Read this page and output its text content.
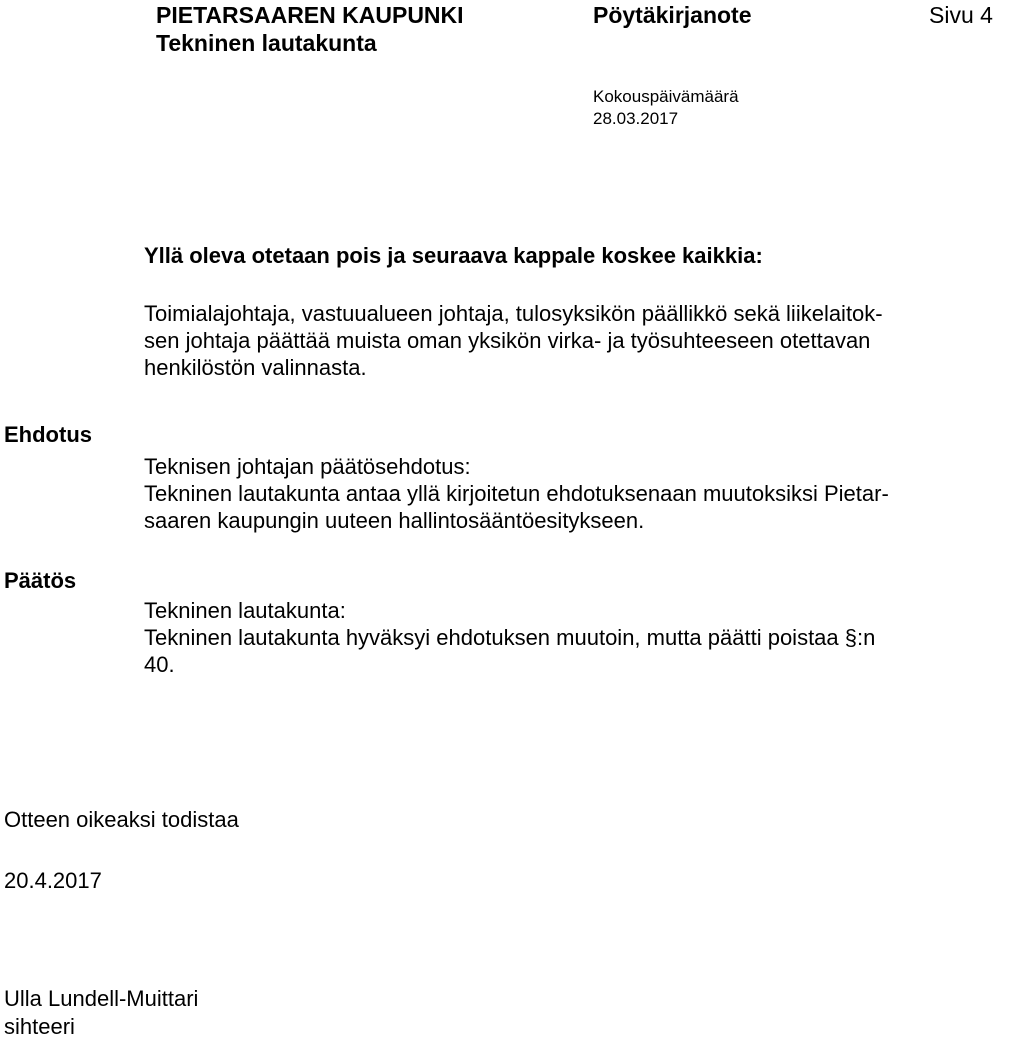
PIETARSAAREN KAUPUNKI
Tekninen lautakunta
Pöytäkirjanote	Sivu 4
Kokouspäivämäärä
28.03.2017
Yllä oleva otetaan pois ja seuraava kappale koskee kaikkia:
Toimialajohtaja, vastuualueen johtaja, tulosyksikön päällikkö sekä liikelaitok-
sen johtaja päättää muista oman yksikön virka- ja työsuhteeseen otettavan
henkilöstön valinnasta.
Ehdotus
Teknisen johtajan päätösehdotus:
Tekninen lautakunta antaa yllä kirjoitetun ehdotuksenaan muutoksiksi Pietar-
saaren kaupungin uuteen hallintosääntöesitykseen.
Päätös
Tekninen lautakunta:
Tekninen lautakunta hyväksyi ehdotuksen muutoin, mutta päätti poistaa §:n
40.
Otteen oikeaksi todistaa
20.4.2017
Ulla Lundell-Muittari
sihteeri
